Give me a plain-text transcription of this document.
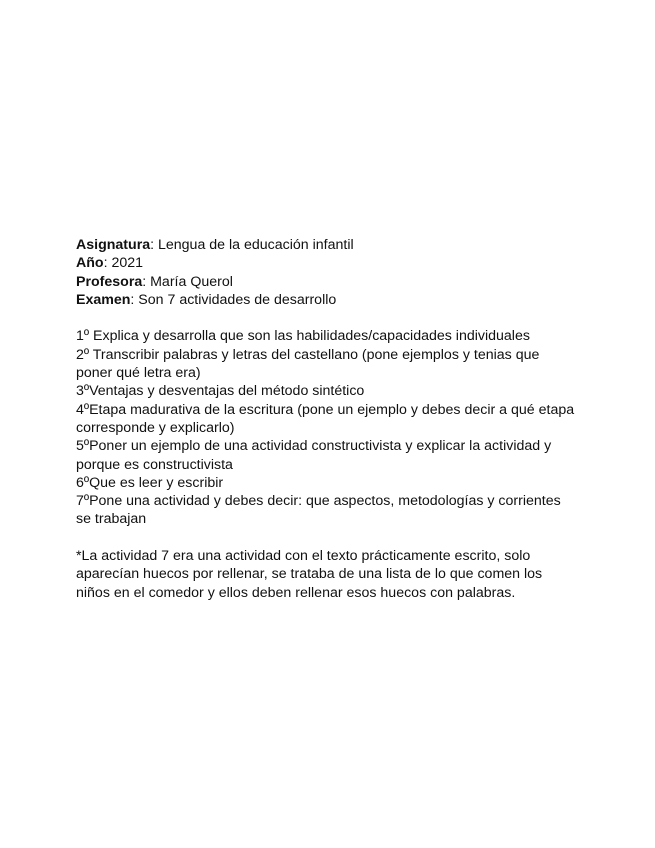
Asignatura: Lengua de la educación infantil

Año: 2021

Profesora: María Querol

Examen: Son 7 actividades de desarrollo

1º Explica y desarrolla que son las habilidades/capacidades individuales

2º Transcribir palabras y letras del castellano (pone ejemplos y tenias que poner qué letra era)

3ºVentajas y desventajas del método sintético

4ºEtapa madurativa de la escritura (pone un ejemplo y debes decir a qué etapa corresponde y explicarlo)

5ºPoner un ejemplo de una actividad constructivista y explicar la actividad y porque es constructivista

6ºQue es leer y escribir

7ºPone una actividad y debes decir: que aspectos, metodologías y corrientes se trabajan

*La actividad 7 era una actividad con el texto prácticamente escrito, solo aparecían huecos por rellenar, se trataba de una lista de lo que comen los niños en el comedor y ellos deben rellenar esos huecos con palabras.
